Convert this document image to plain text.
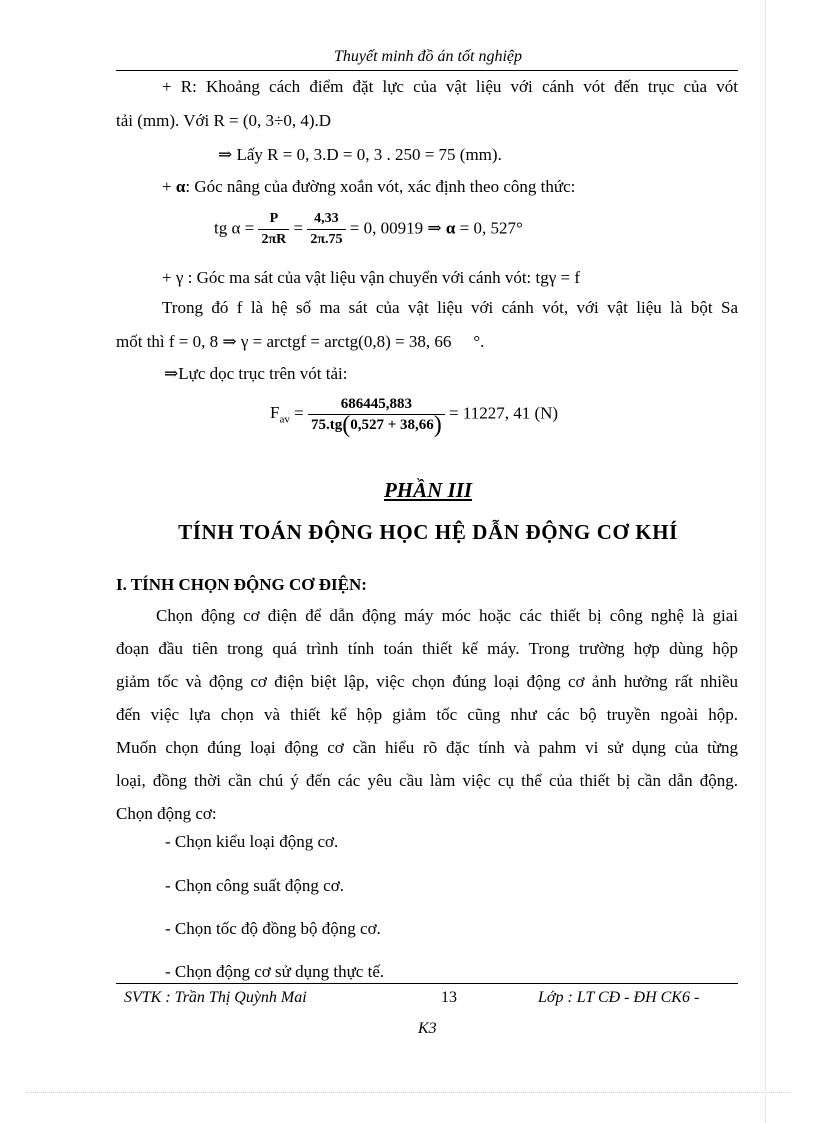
Thuyết minh đồ án tốt nghiệp
+ R: Khoảng cách điểm đặt lực của vật liệu với cánh vót đến trục của vót
tải (mm). Với R = (0, 3÷0, 4).D
⇒ Lấy R = 0, 3.D = 0, 3 . 250 = 75 (mm).
+ α: Góc nâng của đường xoắn vót, xác định theo công thức:
tg $\alpha = \frac{P}{2\pi R} = \frac{4,33}{2\pi.75} = 0$, 00919 ⇒ α = 0, 527°
+ γ : Góc ma sát của vật liệu vận chuyển với cánh vót: tgγ = f
Trong đó f là hệ số ma sát của vật liệu với cánh vót, với vật liệu là bột Sa
mốt thì f = 0, 8 ⇒ γ = arctgf = arctg(0,8) = 38, 66 °.
⇒Lực dọc trục trên vót tải:
$F_{av} = \frac{686445,883}{75.tg(0,527 + 38,66)} = 11227$, 41 (N)
PHẦN III
TÍNH TOÁN ĐỘNG HỌC HỆ DẪN ĐỘNG CƠ KHÍ
I. TÍNH CHỌN ĐỘNG CƠ ĐIỆN:
Chọn động cơ điện để dẫn động máy móc hoặc các thiết bị công nghệ là giai
đoạn đầu tiên trong quá trình tính toán thiết kế máy. Trong trường hợp dùng hộp
giảm tốc và động cơ điện biệt lập, việc chọn đúng loại động cơ ảnh hưởng rất nhiều
đến việc lựa chọn và thiết kế hộp giảm tốc cũng như các bộ truyền ngoài hộp.
Muốn chọn đúng loại động cơ cần hiểu rõ đặc tính và pahm vi sử dụng của từng
loại, đồng thời cần chú ý đến các yêu cầu làm việc cụ thể của thiết bị cần dẫn động.
Chọn động cơ:
- Chọn kiểu loại động cơ.
- Chọn công suất động cơ.
- Chọn tốc độ đồng bộ động cơ.
- Chọn động cơ sử dụng thực tế.
SVTK : Trần Thị Quỳnh Mai	13	Lớp : LT CĐ - ĐH CK6 -
K3
